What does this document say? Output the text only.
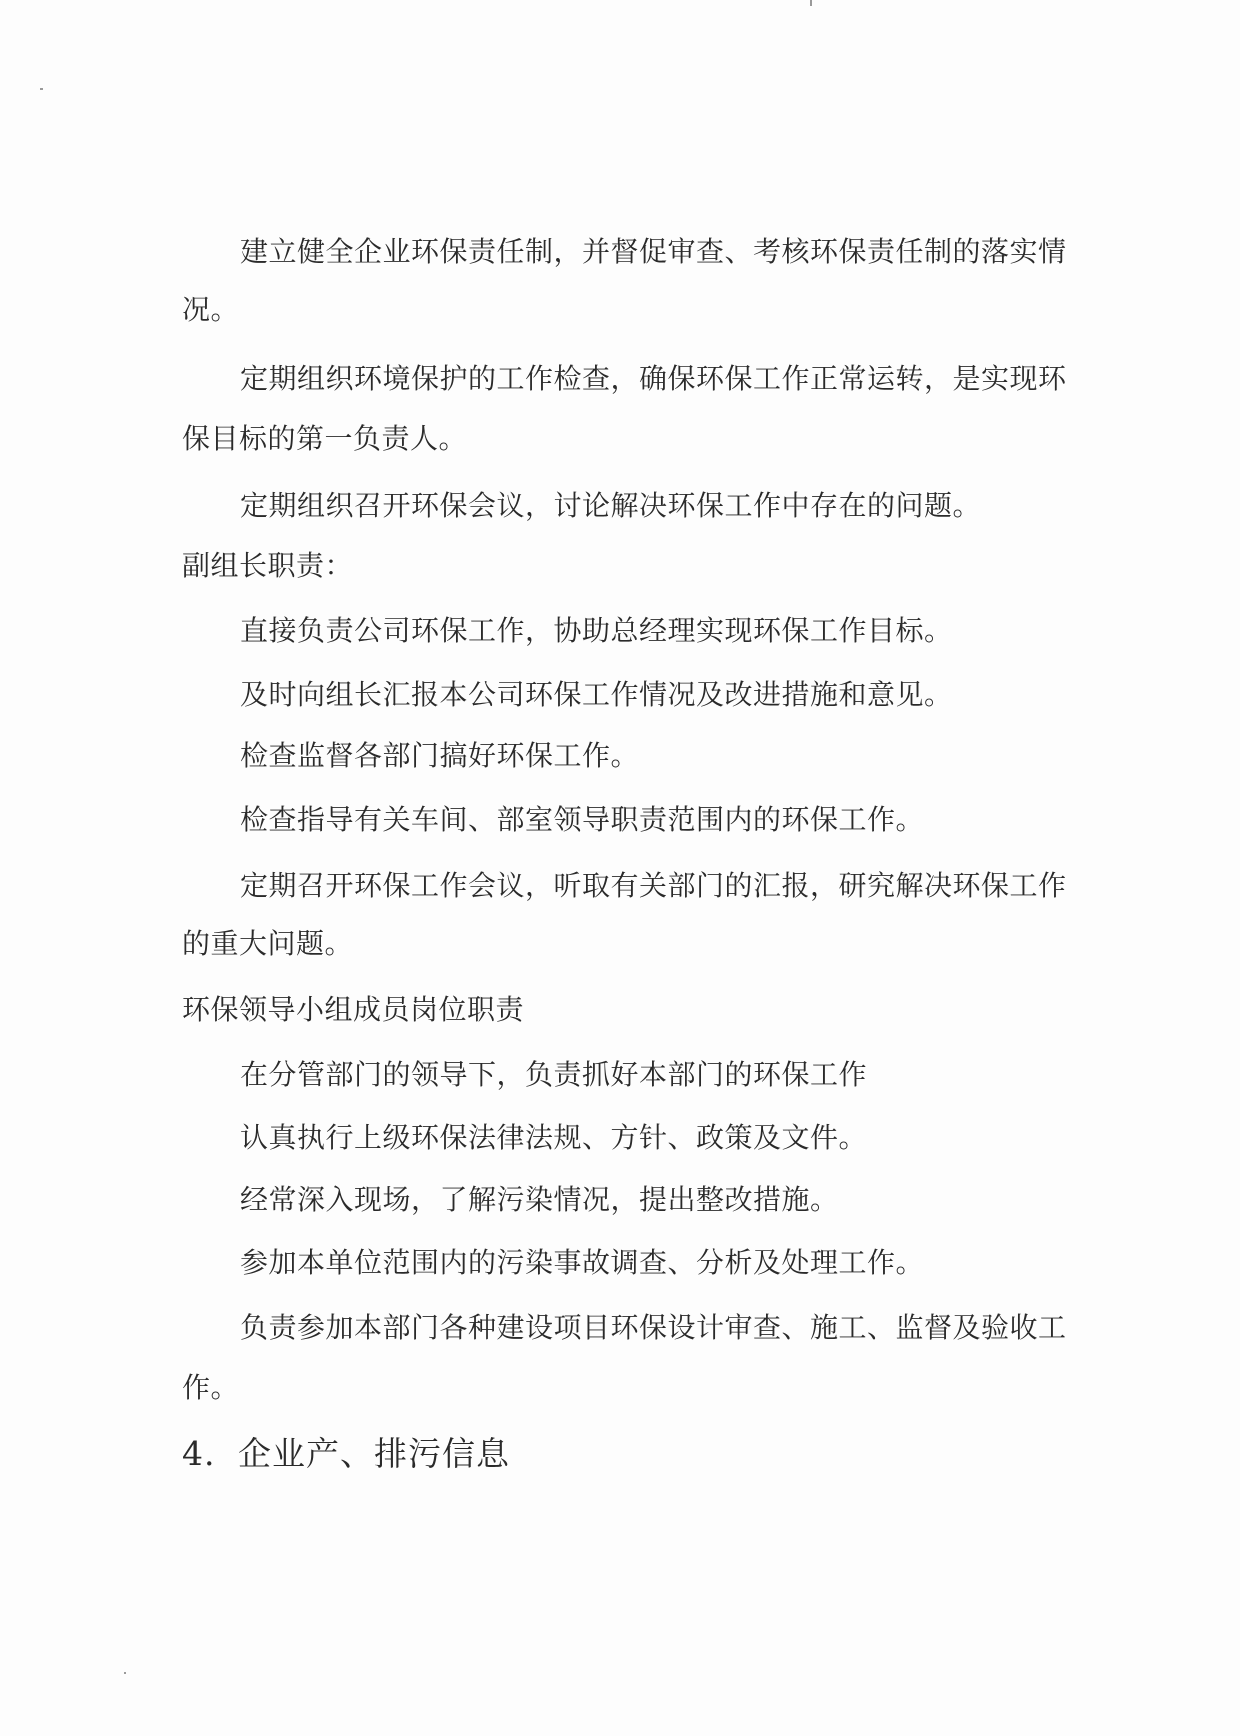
建立健全企业环保责任制，并督促审查、考核环保责任制的落实情
况。
定期组织环境保护的工作检查，确保环保工作正常运转，是实现环
保目标的第一负责人。
定期组织召开环保会议，讨论解决环保工作中存在的问题。
副组长职责：
直接负责公司环保工作，协助总经理实现环保工作目标。
及时向组长汇报本公司环保工作情况及改进措施和意见。
检查监督各部门搞好环保工作。
检查指导有关车间、部室领导职责范围内的环保工作。
定期召开环保工作会议，听取有关部门的汇报，研究解决环保工作
的重大问题。
环保领导小组成员岗位职责
在分管部门的领导下，负责抓好本部门的环保工作
认真执行上级环保法律法规、方针、政策及文件。
经常深入现场，了解污染情况，提出整改措施。
参加本单位范围内的污染事故调查、分析及处理工作。
负责参加本部门各种建设项目环保设计审查、施工、监督及验收工
作。
4. 企业产、排污信息
